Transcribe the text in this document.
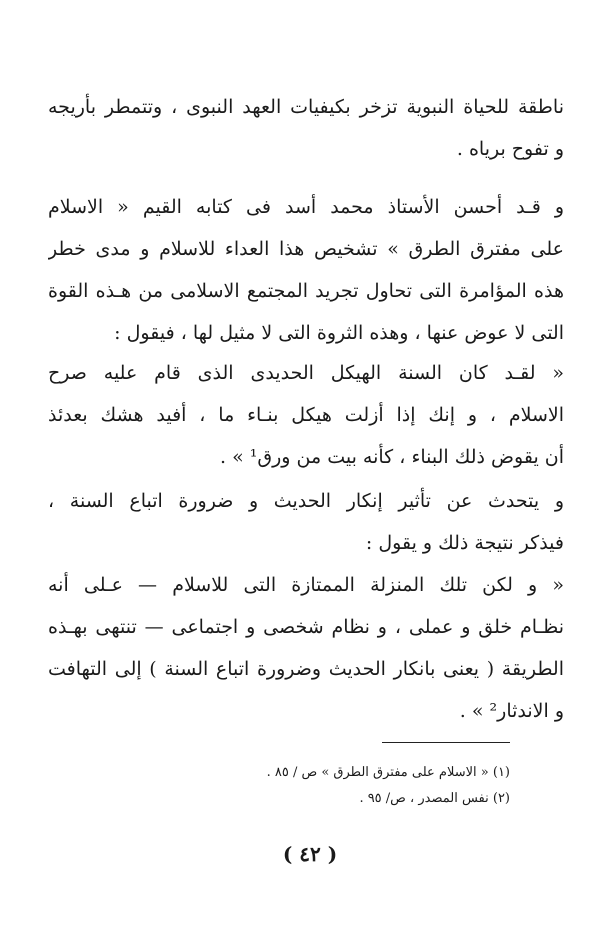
ناطقة للحياة النبوية تزخر بكيفيات العهد النبوى ، وتتمطر بأريجه
و تفوح برياه .
و قـد أحسن الأستاذ محمد أسد فى كتابه القيم « الاسلام
على مفترق الطرق » تشخيص هذا العداء للاسلام و مدى خطر
هذه المؤامرة التى تحاول تجريد المجتمع الاسلامى من هـذه القوة
التى لا عوض عنها ، وهذه الثروة التى لا مثيل لها ، فيقول :
« لقـد كان السنة الهيكل الحديدى الذى قام عليه صرح
الاسلام ، و إنك إذا أزلت هيكل بنـاء ما ، أفيد هشك بعدئذ
أن يقوض ذلك البناء ، كأنه بيت من ورق¹ » .
و يتحدث عن تأثير إنكار الحديث و ضرورة اتباع السنة ،
فيذكر نتيجة ذلك و يقول :
« و لكن تلك المنزلة الممتازة التى للاسلام — عـلى أنه
نظـام خلق و عملى ، و نظام شخصى و اجتماعى — تنتهى بهـذه
الطريقة ( يعنى بانكار الحديث وضرورة اتباع السنة ) إلى التهافت
و الاندثار² » .
(١) « الاسلام على مفترق الطرق » ص / ٨٥ .
(٢) نفس المصدر ، ص/ ٩٥ .
( ٤٢ )
